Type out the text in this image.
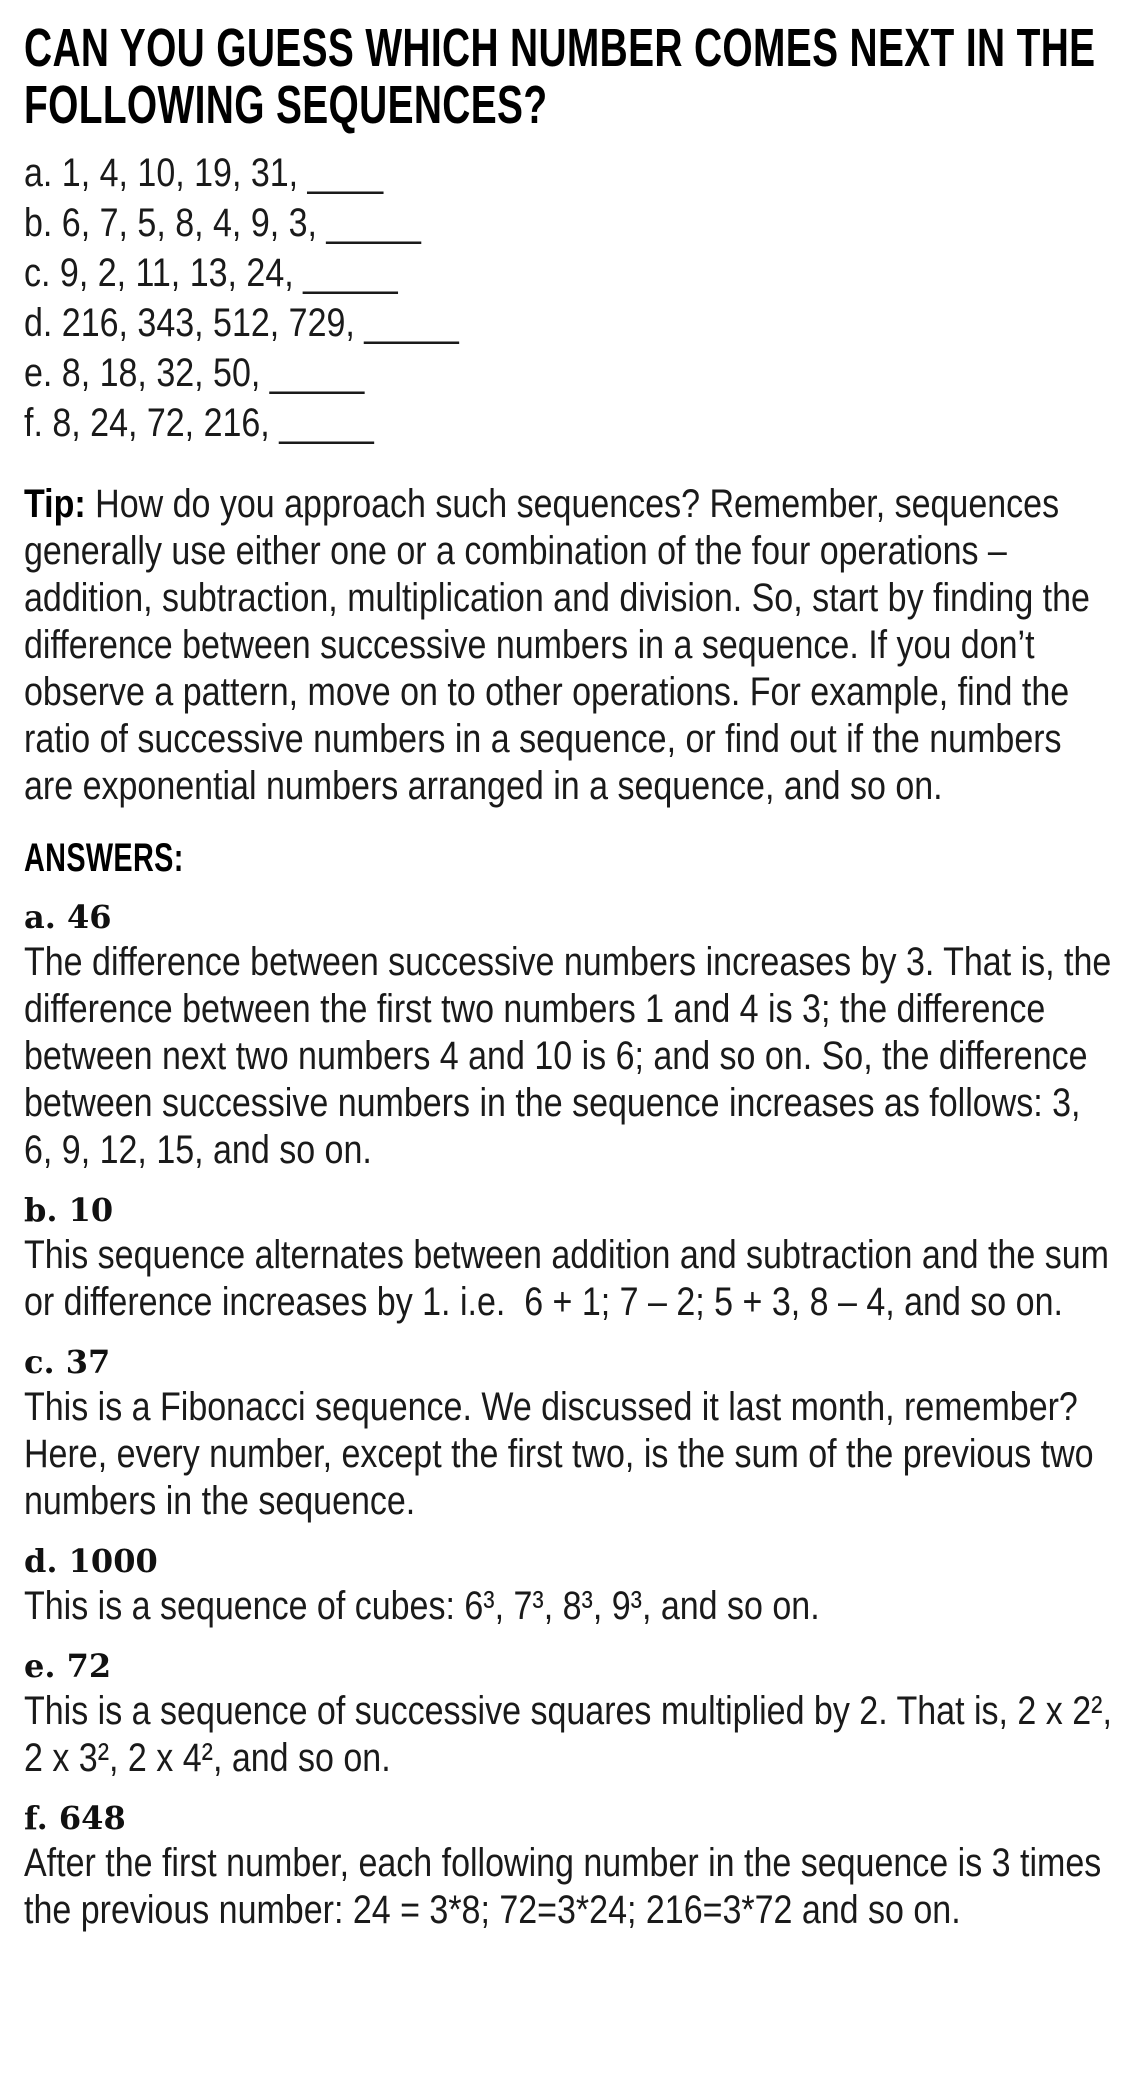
CAN YOU GUESS WHICH NUMBER COMES NEXT IN THE FOLLOWING SEQUENCES?

a. 1, 4, 10, 19, 31, ____

b. 6, 7, 5, 8, 4, 9, 3, _____

c. 9, 2, 11, 13, 24, _____

d. 216, 343, 512, 729, _____

e. 8, 18, 32, 50, _____

f. 8, 24, 72, 216, _____

Tip: How do you approach such sequences? Remember, sequences generally use either one or a combination of the four operations – addition, subtraction, multiplication and division. So, start by finding the difference between successive numbers in a sequence. If you don’t observe a pattern, move on to other operations. For example, find the ratio of successive numbers in a sequence, or find out if the numbers are exponential numbers arranged in a sequence, and so on.

ANSWERS:

a. 46

The difference between successive numbers increases by 3. That is, the difference between the first two numbers 1 and 4 is 3; the difference between next two numbers 4 and 10 is 6; and so on. So, the difference between successive numbers in the sequence increases as follows: 3, 6, 9, 12, 15, and so on.

b. 10

This sequence alternates between addition and subtraction and the sum or difference increases by 1. i.e.  6 + 1; 7 – 2; 5 + 3, 8 – 4, and so on.

c. 37

This is a Fibonacci sequence. We discussed it last month, remember? Here, every number, except the first two, is the sum of the previous two numbers in the sequence.

d. 1000

This is a sequence of cubes: 6³, 7³, 8³, 9³, and so on.

e. 72

This is a sequence of successive squares multiplied by 2. That is, 2 x 2², 2 x 3², 2 x 4², and so on.

f. 648

After the first number, each following number in the sequence is 3 times the previous number: 24 = 3*8; 72=3*24; 216=3*72 and so on.
